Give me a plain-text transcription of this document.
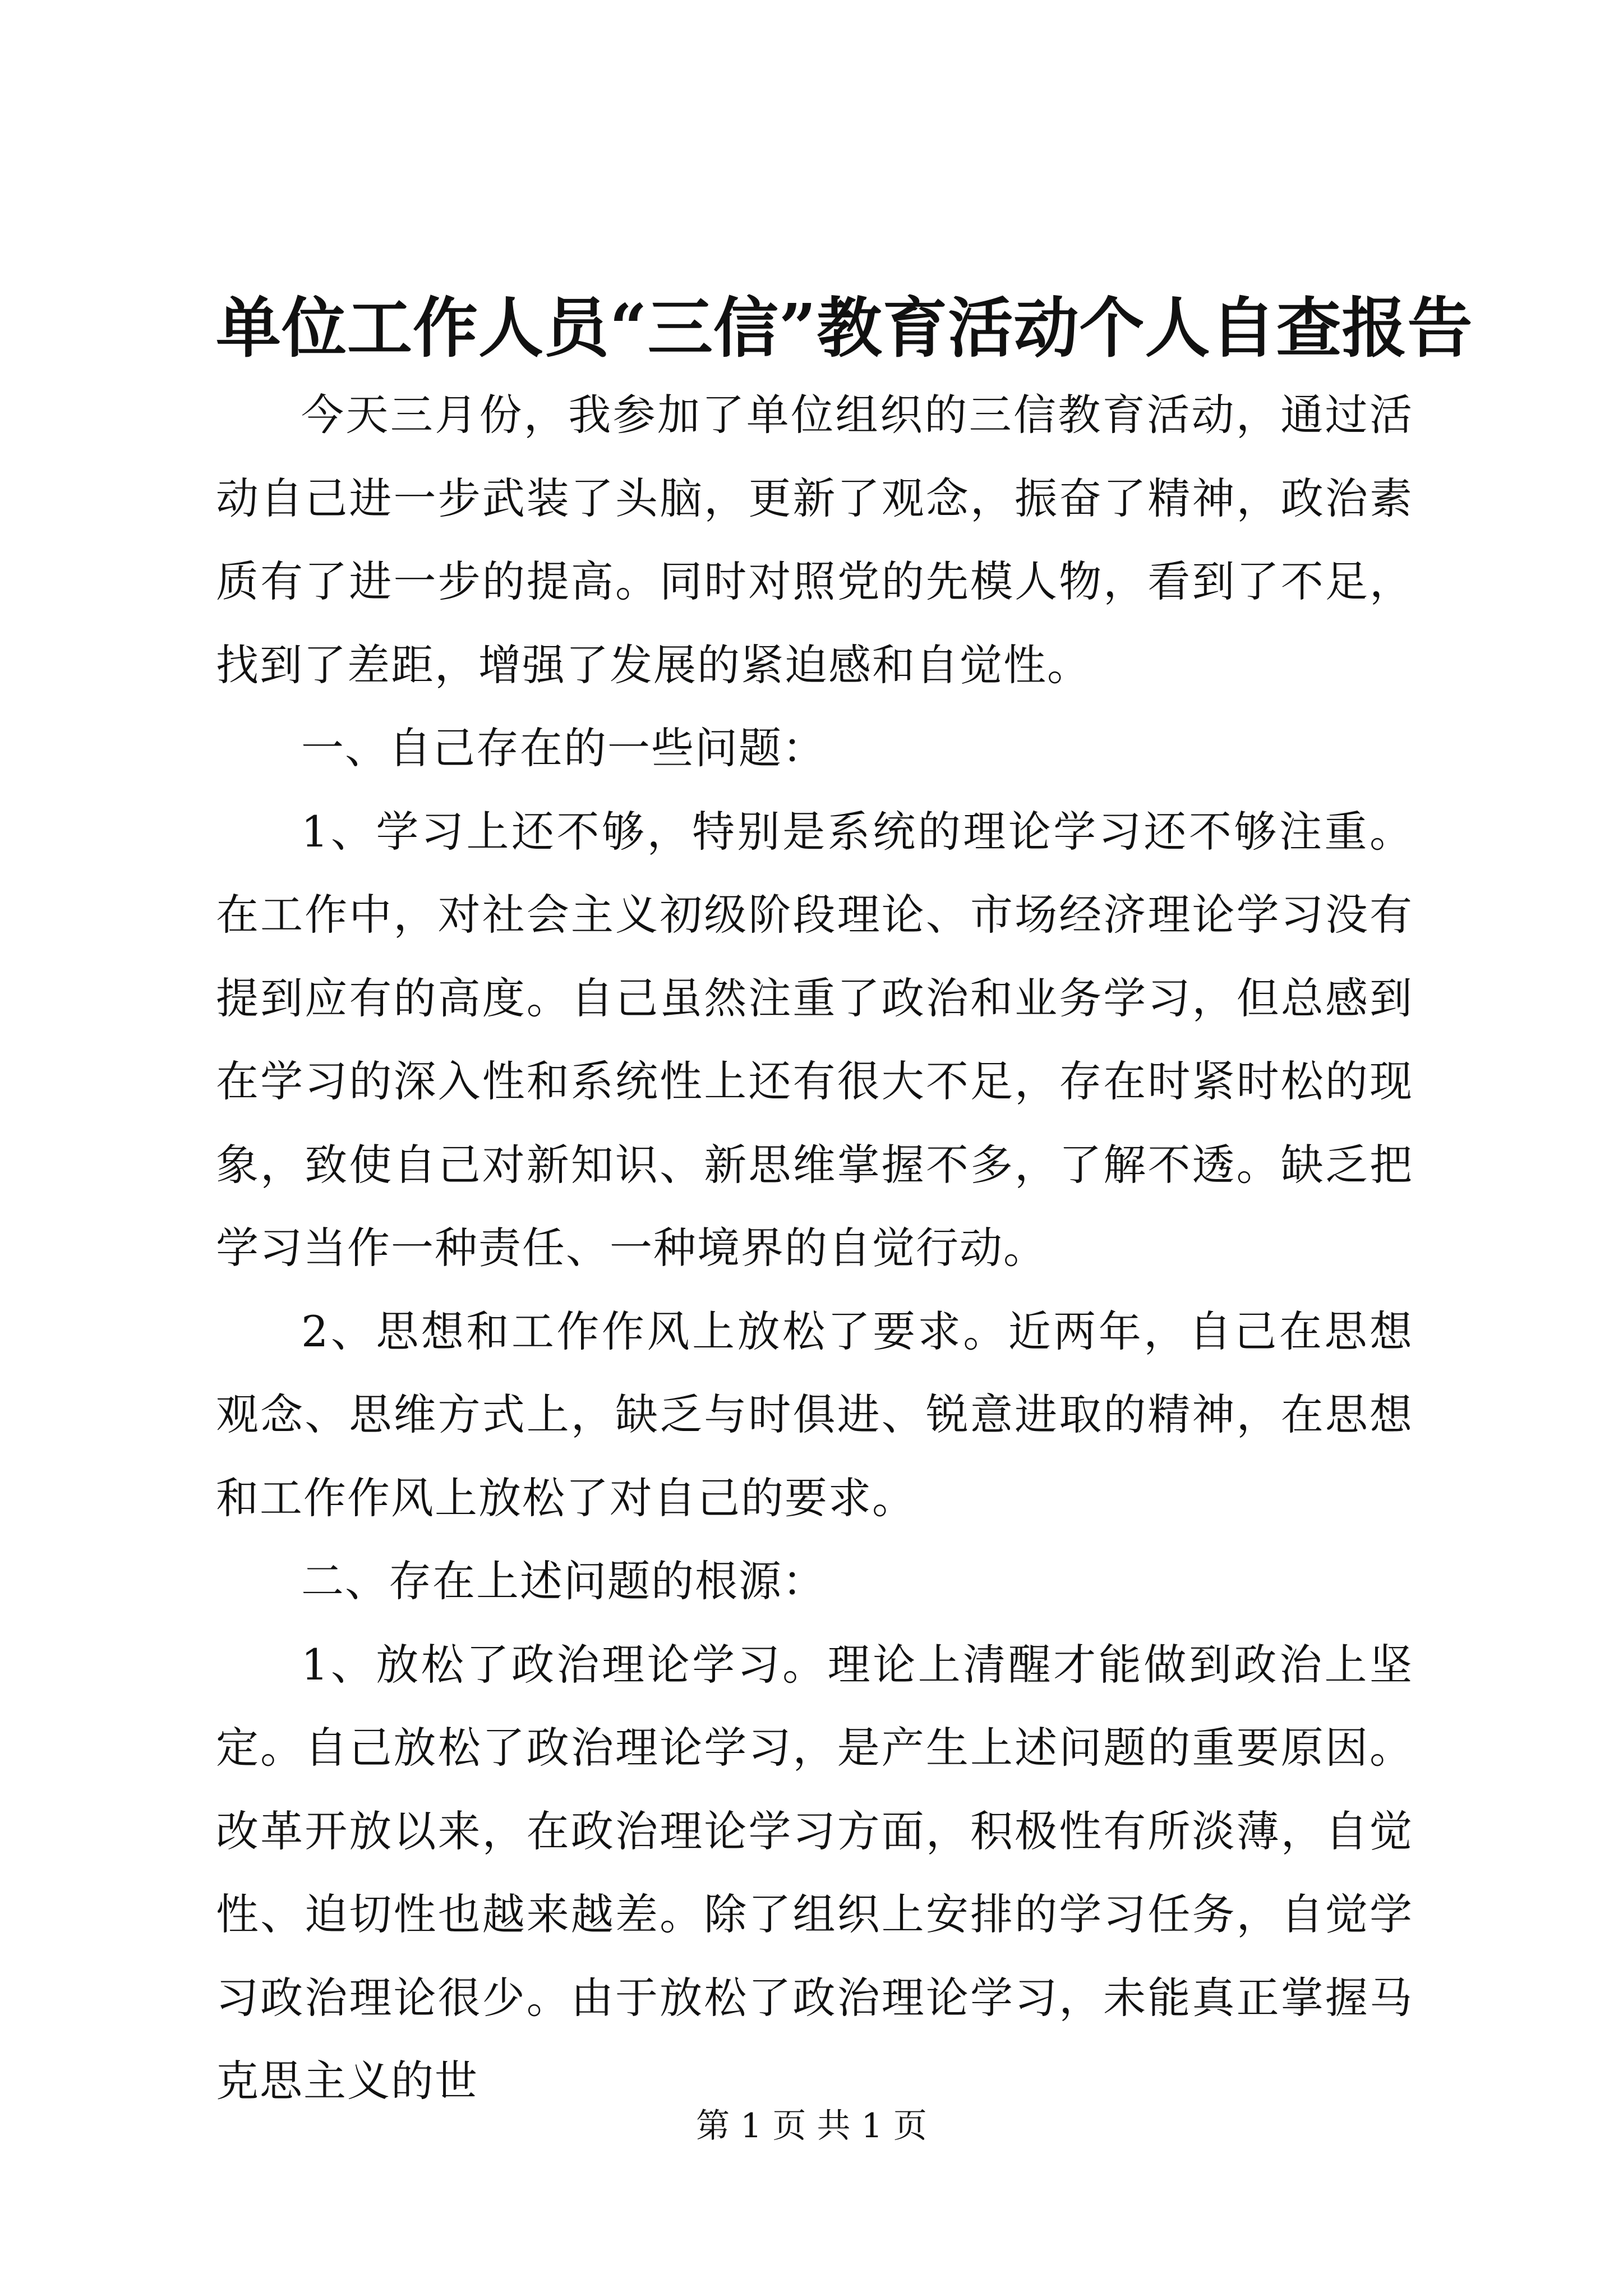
单位工作人员“三信”教育活动个人自查报告

今天三月份，我参加了单位组织的三信教育活动，通过活动自己进一步武装了头脑，更新了观念，振奋了精神，政治素质有了进一步的提高。同时对照党的先模人物，看到了不足，找到了差距，增强了发展的紧迫感和自觉性。

一、自己存在的一些问题：

1、学习上还不够，特别是系统的理论学习还不够注重。在工作中，对社会主义初级阶段理论、市场经济理论学习没有提到应有的高度。自己虽然注重了政治和业务学习，但总感到在学习的深入性和系统性上还有很大不足，存在时紧时松的现象，致使自己对新知识、新思维掌握不多，了解不透。缺乏把学习当作一种责任、一种境界的自觉行动。

2、思想和工作作风上放松了要求。近两年，自己在思想观念、思维方式上，缺乏与时俱进、锐意进取的精神，在思想和工作作风上放松了对自己的要求。

二、存在上述问题的根源：

1、放松了政治理论学习。理论上清醒才能做到政治上坚定。自己放松了政治理论学习，是产生上述问题的重要原因。改革开放以来，在政治理论学习方面，积极性有所淡薄，自觉性、迫切性也越来越差。除了组织上安排的学习任务，自觉学习政治理论很少。由于放松了政治理论学习，未能真正掌握马克思主义的世

第 1 页 共 1 页
